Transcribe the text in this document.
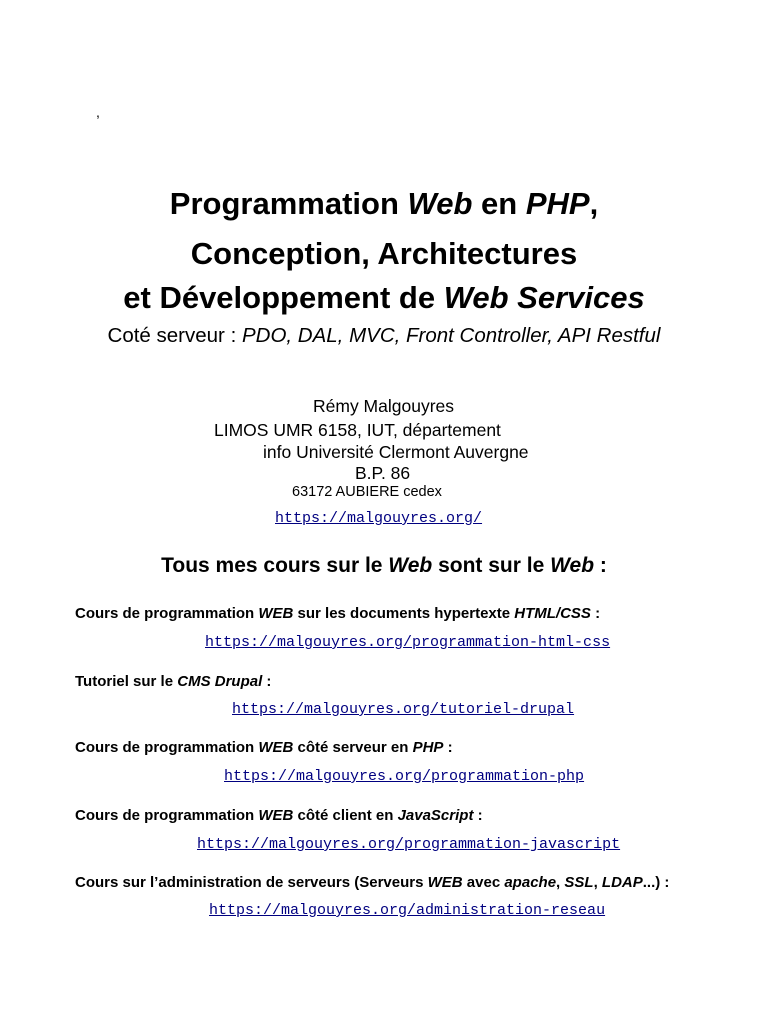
,
Programmation Web en PHP,
Conception, Architectures
et Développement de Web Services
Coté serveur : PDO, DAL, MVC, Front Controller, API Restful
Rémy Malgouyres
LIMOS UMR 6158, IUT, département
info Université Clermont Auvergne
B.P. 86
63172 AUBIERE cedex
https://malgouyres.org/
Tous mes cours sur le Web sont sur le Web :
Cours de programmation WEB sur les documents hypertexte HTML/CSS :
https://malgouyres.org/programmation-html-css
Tutoriel sur le CMS Drupal :
https://malgouyres.org/tutoriel-drupal
Cours de programmation WEB côté serveur en PHP :
https://malgouyres.org/programmation-php
Cours de programmation WEB côté client en JavaScript :
https://malgouyres.org/programmation-javascript
Cours sur l’administration de serveurs (Serveurs WEB avec apache, SSL, LDAP...) :
https://malgouyres.org/administration-reseau
